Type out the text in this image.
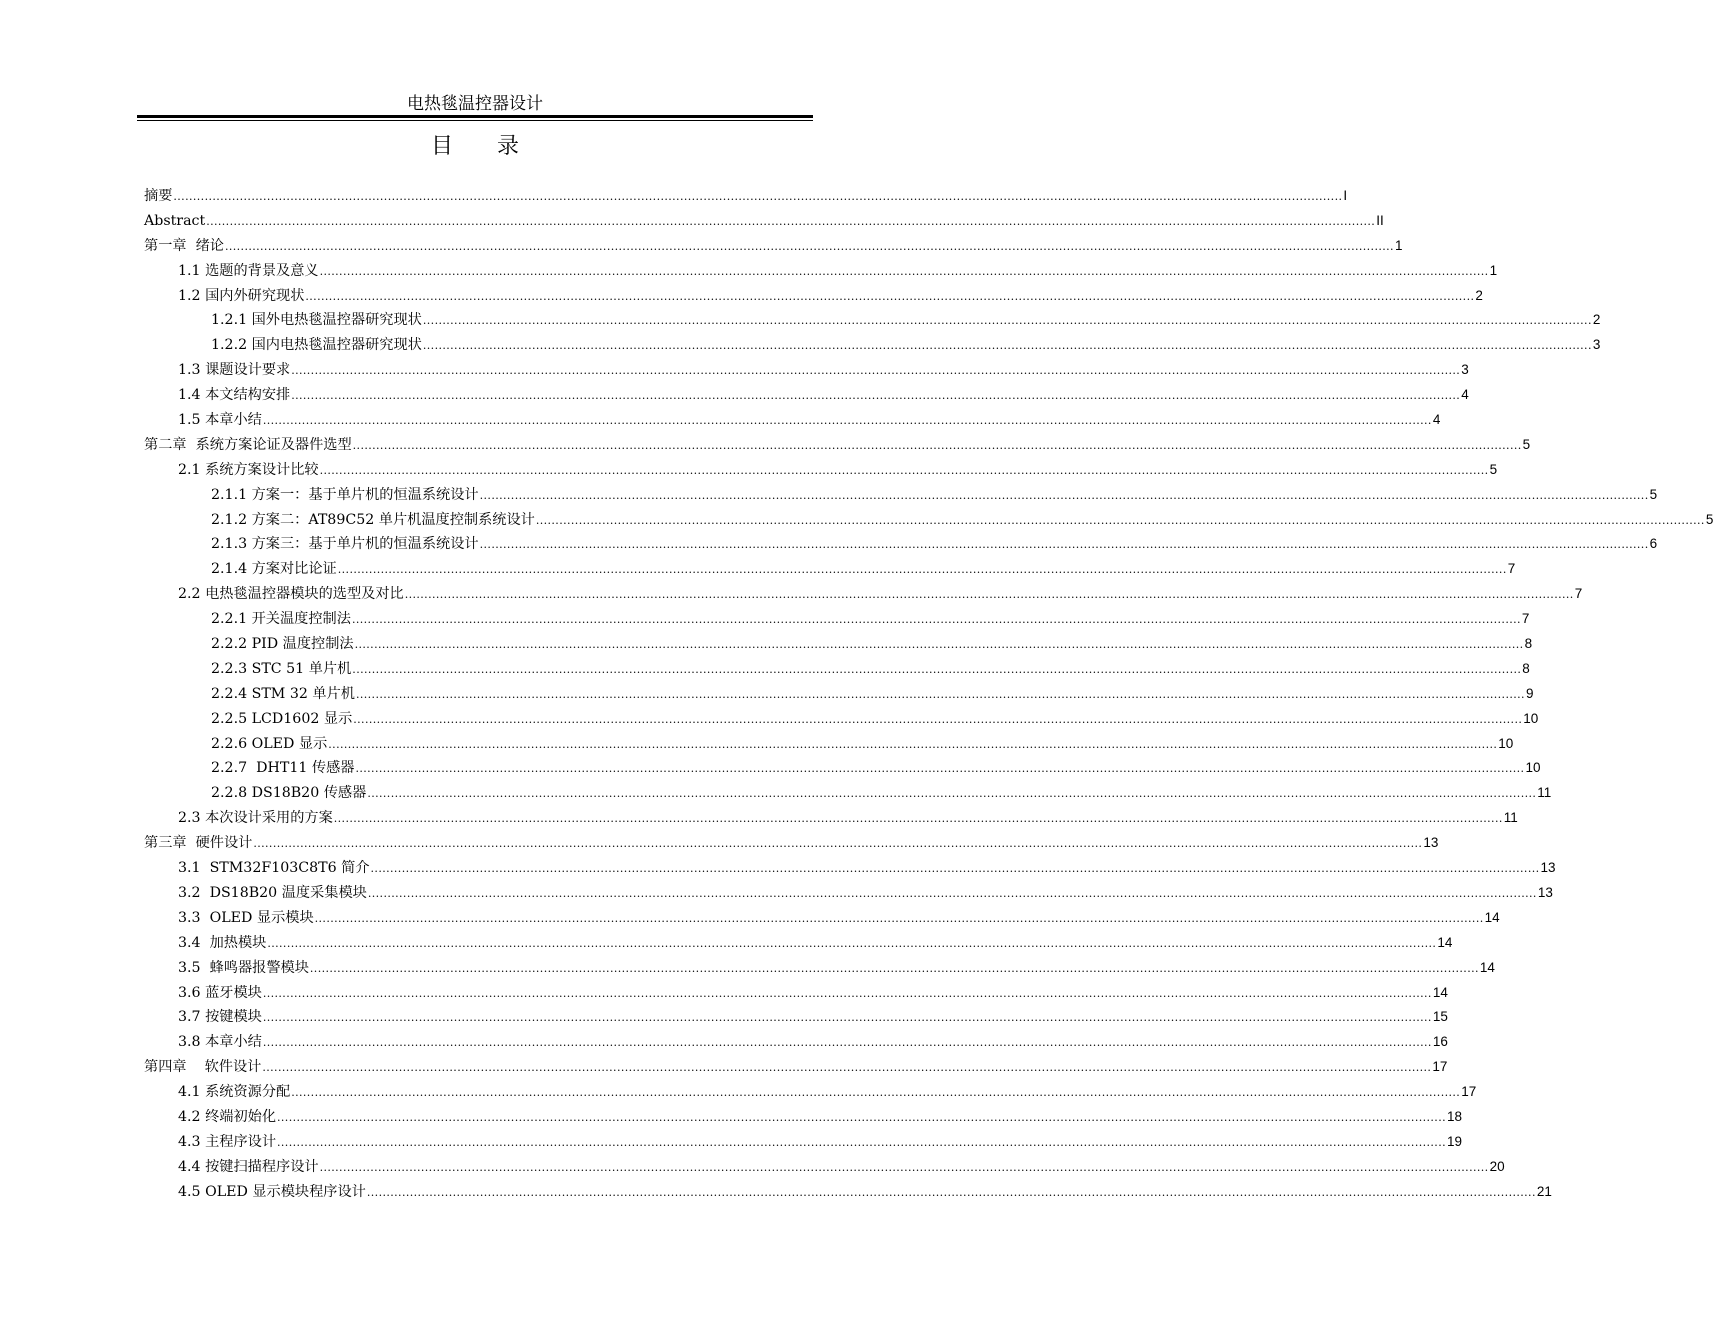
电热毯温控器设计
目　　录
摘要 ............................................................................................................................................................................................................................................................................................................ I
Abstract ............................................................................................................................................................................................................................................................................................................ II
第一章  绪论 ............................................................................................................................................................................................................................................................................................................ 1
1.1 选题的背景及意义 ............................................................................................................................................................................................................................................................................................................ 1
1.2 国内外研究现状 ............................................................................................................................................................................................................................................................................................................ 2
1.2.1 国外电热毯温控器研究现状 ............................................................................................................................................................................................................................................................................................................ 2
1.2.2 国内电热毯温控器研究现状 ............................................................................................................................................................................................................................................................................................................ 3
1.3 课题设计要求 ............................................................................................................................................................................................................................................................................................................ 3
1.4 本文结构安排 ............................................................................................................................................................................................................................................................................................................ 4
1.5 本章小结 ............................................................................................................................................................................................................................................................................................................ 4
第二章  系统方案论证及器件选型 ............................................................................................................................................................................................................................................................................................................ 5
2.1 系统方案设计比较 ............................................................................................................................................................................................................................................................................................................ 5
2.1.1 方案一：基于单片机的恒温系统设计 ............................................................................................................................................................................................................................................................................................................ 5
2.1.2 方案二：AT89C52 单片机温度控制系统设计 ............................................................................................................................................................................................................................................................................................................ 5
2.1.3 方案三：基于单片机的恒温系统设计 ............................................................................................................................................................................................................................................................................................................ 6
2.1.4 方案对比论证 ............................................................................................................................................................................................................................................................................................................ 7
2.2 电热毯温控器模块的选型及对比 ............................................................................................................................................................................................................................................................................................................ 7
2.2.1 开关温度控制法 ............................................................................................................................................................................................................................................................................................................ 7
2.2.2 PID 温度控制法 ............................................................................................................................................................................................................................................................................................................ 8
2.2.3 STC 51 单片机 ............................................................................................................................................................................................................................................................................................................ 8
2.2.4 STM 32 单片机 ............................................................................................................................................................................................................................................................................................................ 9
2.2.5 LCD1602 显示 ............................................................................................................................................................................................................................................................................................................ 10
2.2.6 OLED 显示 ............................................................................................................................................................................................................................................................................................................ 10
2.2.7  DHT11 传感器 ............................................................................................................................................................................................................................................................................................................ 10
2.2.8 DS18B20 传感器 ............................................................................................................................................................................................................................................................................................................ 11
2.3 本次设计采用的方案 ............................................................................................................................................................................................................................................................................................................ 11
第三章  硬件设计 ............................................................................................................................................................................................................................................................................................................ 13
3.1  STM32F103C8T6 简介 ............................................................................................................................................................................................................................................................................................................ 13
3.2  DS18B20 温度采集模块 ............................................................................................................................................................................................................................................................................................................ 13
3.3  OLED 显示模块 ............................................................................................................................................................................................................................................................................................................ 14
3.4  加热模块 ............................................................................................................................................................................................................................................................................................................ 14
3.5  蜂鸣器报警模块 ............................................................................................................................................................................................................................................................................................................ 14
3.6 蓝牙模块 ............................................................................................................................................................................................................................................................................................................ 14
3.7 按键模块 ............................................................................................................................................................................................................................................................................................................ 15
3.8 本章小结 ............................................................................................................................................................................................................................................................................................................ 16
第四章    软件设计 ............................................................................................................................................................................................................................................................................................................ 17
4.1 系统资源分配 ............................................................................................................................................................................................................................................................................................................ 17
4.2 终端初始化 ............................................................................................................................................................................................................................................................................................................ 18
4.3 主程序设计 ............................................................................................................................................................................................................................................................................................................ 19
4.4 按键扫描程序设计 ............................................................................................................................................................................................................................................................................................................ 20
4.5 OLED 显示模块程序设计 ............................................................................................................................................................................................................................................................................................................ 21
